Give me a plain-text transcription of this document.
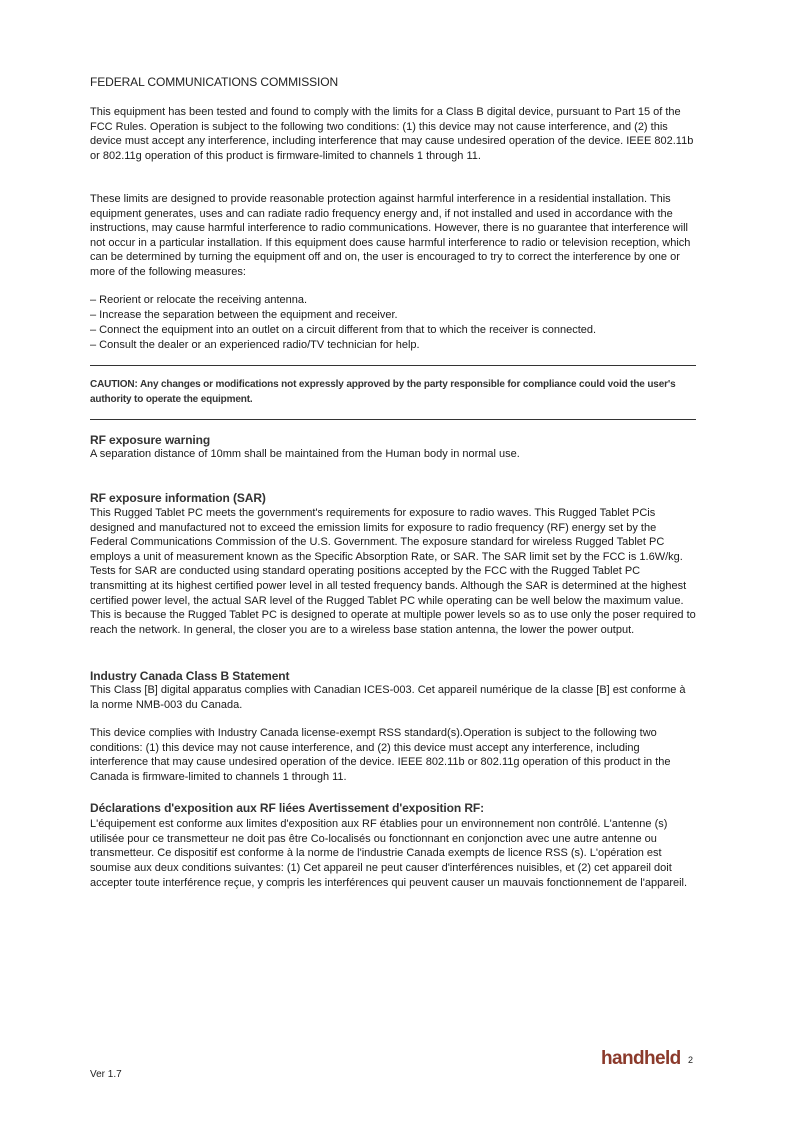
FEDERAL COMMUNICATIONS COMMISSION

This equipment has been tested and found to comply with the limits for a Class B digital device, pursuant to Part 15 of the FCC Rules. Operation is subject to the following two conditions: (1) this device may not cause interference, and (2) this device must accept any interference, including interference that may cause undesired operation of the device. IEEE 802.11b or 802.11g operation of this product is firmware-limited to channels 1 through 11.

These limits are designed to provide reasonable protection against harmful interference in a residential installation. This equipment generates, uses and can radiate radio frequency energy and, if not installed and used in accordance with the instructions, may cause harmful interference to radio communications. However, there is no guarantee that interference will not occur in a particular installation. If this equipment does cause harmful interference to radio or television reception, which can be determined by turning the equipment off and on, the user is encouraged to try to correct the interference by one or more of the following measures:

– Reorient or relocate the receiving antenna.
– Increase the separation between the equipment and receiver.
– Connect the equipment into an outlet on a circuit different from that to which the receiver is connected.
– Consult the dealer or an experienced radio/TV technician for help.
CAUTION: Any changes or modifications not expressly approved by the party responsible for compliance could void the user's authority to operate the equipment.
RF exposure warning

A separation distance of 10mm shall be maintained from the Human body in normal use.

RF exposure information (SAR)

This Rugged Tablet PC meets the government's requirements for exposure to radio waves. This Rugged Tablet PCis designed and manufactured not to exceed the emission limits for exposure to radio frequency (RF) energy set by the Federal Communications Commission of the U.S. Government. The exposure standard for wireless Rugged Tablet PC employs a unit of measurement known as the Specific Absorption Rate, or SAR. The SAR limit set by the FCC is 1.6W/kg. Tests for SAR are conducted using standard operating positions accepted by the FCC with the Rugged Tablet PC transmitting at its highest certified power level in all tested frequency bands. Although the SAR is determined at the highest certified power level, the actual SAR level of the Rugged Tablet PC while operating can be well below the maximum value. This is because the Rugged Tablet PC is designed to operate at multiple power levels so as to use only the poser required to reach the network. In general, the closer you are to a wireless base station antenna, the lower the power output.

Industry Canada Class B Statement

This Class [B] digital apparatus complies with Canadian ICES-003. Cet appareil numérique de la classe [B] est conforme à la norme NMB-003 du Canada.

This device complies with Industry Canada license-exempt RSS standard(s).Operation is subject to the following two conditions: (1) this device may not cause interference, and (2) this device must accept any interference, including interference that may cause undesired operation of the device. IEEE 802.11b or 802.11g operation of this product in the Canada is firmware-limited to channels 1 through 11.

Déclarations d'exposition aux RF liées Avertissement d'exposition RF:

L'équipement est conforme aux limites d'exposition aux RF établies pour un environnement non contrôlé. L'antenne (s) utilisée pour ce transmetteur ne doit pas être Co-localisés ou fonctionnant en conjonction avec une autre antenne ou transmetteur. Ce dispositif est conforme à la norme de l'industrie Canada exempts de licence RSS (s). L'opération est soumise aux deux conditions suivantes: (1) Cet appareil ne peut causer d'interférences nuisibles, et (2) cet appareil doit accepter toute interférence reçue, y compris les interférences qui peuvent causer un mauvais fonctionnement de l'appareil.

Ver 1.7
handheld 2
